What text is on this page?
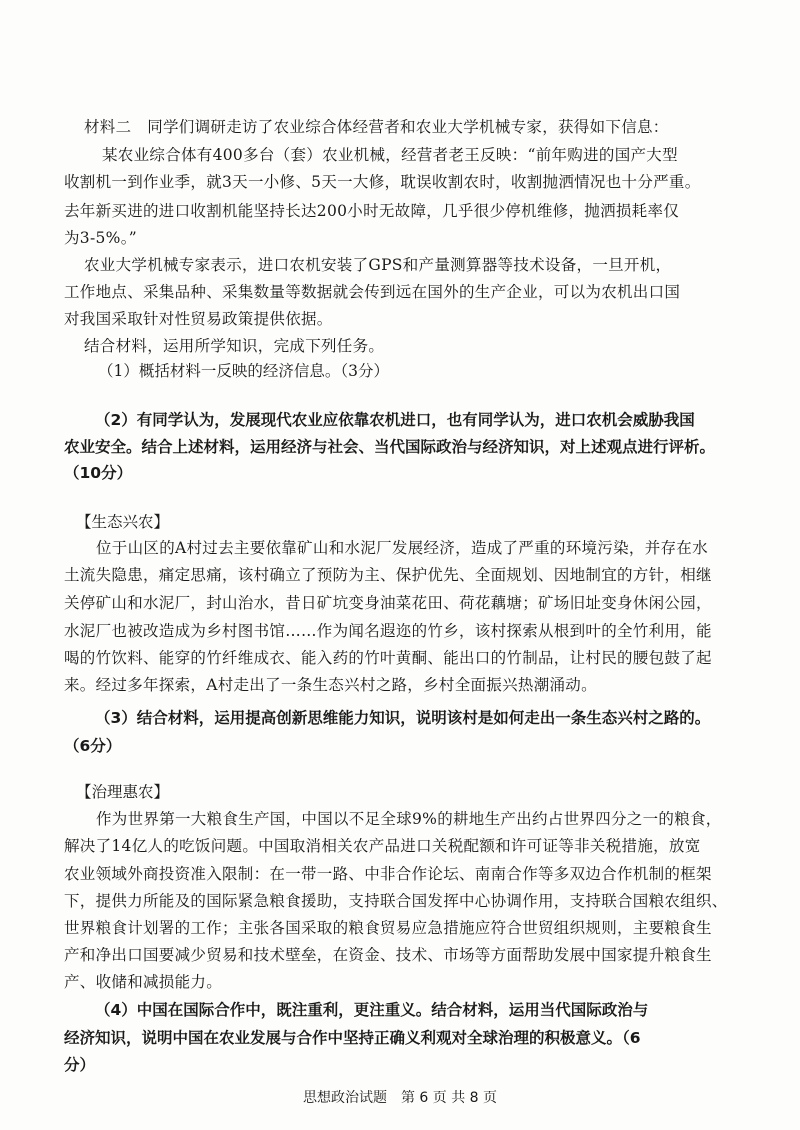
材料二　同学们调研走访了农业综合体经营者和农业大学机械专家，获得如下信息：
某农业综合体有400多台（套）农业机械，经营者老王反映：“前年购进的国产大型
收割机一到作业季，就3天一小修、5天一大修，耽误收割农时，收割抛洒情况也十分严重。
去年新买进的进口收割机能坚持长达200小时无故障，几乎很少停机维修，抛洒损耗率仅
为3-5%。”
农业大学机械专家表示，进口农机安装了GPS和产量测算器等技术设备，一旦开机，
工作地点、采集品种、采集数量等数据就会传到远在国外的生产企业，可以为农机出口国
对我国采取针对性贸易政策提供依据。
结合材料，运用所学知识，完成下列任务。
（1）概括材料一反映的经济信息。（3分）
（2）有同学认为，发展现代农业应依靠农机进口，也有同学认为，进口农机会威胁我国
农业安全。结合上述材料，运用经济与社会、当代国际政治与经济知识，对上述观点进行评析。
（10分）
【生态兴农】
位于山区的A村过去主要依靠矿山和水泥厂发展经济，造成了严重的环境污染，并存在水
土流失隐患，痛定思痛，该村确立了预防为主、保护优先、全面规划、因地制宜的方针，相继
关停矿山和水泥厂，封山治水，昔日矿坑变身油菜花田、荷花藕塘；矿场旧址变身休闲公园，
水泥厂也被改造成为乡村图书馆……作为闻名遐迩的竹乡，该村探索从根到叶的全竹利用，能
喝的竹饮料、能穿的竹纤维成衣、能入药的竹叶黄酮、能出口的竹制品，让村民的腰包鼓了起
来。经过多年探索，A村走出了一条生态兴村之路，乡村全面振兴热潮涌动。
（3）结合材料，运用提高创新思维能力知识，说明该村是如何走出一条生态兴村之路的。
（6分）
【治理惠农】
作为世界第一大粮食生产国，中国以不足全球9%的耕地生产出约占世界四分之一的粮食，
解决了14亿人的吃饭问题。中国取消相关农产品进口关税配额和许可证等非关税措施，放宽
农业领域外商投资准入限制：在一带一路、中非合作论坛、南南合作等多双边合作机制的框架
下，提供力所能及的国际紧急粮食援助，支持联合国发挥中心协调作用，支持联合国粮农组织、
世界粮食计划署的工作；主张各国采取的粮食贸易应急措施应符合世贸组织规则，主要粮食生
产和净出口国要减少贸易和技术壁垒，在资金、技术、市场等方面帮助发展中国家提升粮食生
产、收储和减损能力。
（4）中国在国际合作中，既注重利，更注重义。结合材料，运用当代国际政治与
经济知识，说明中国在农业发展与合作中坚持正确义利观对全球治理的积极意义。（6
分）
思想政治试题　第 6 页 共 8 页
